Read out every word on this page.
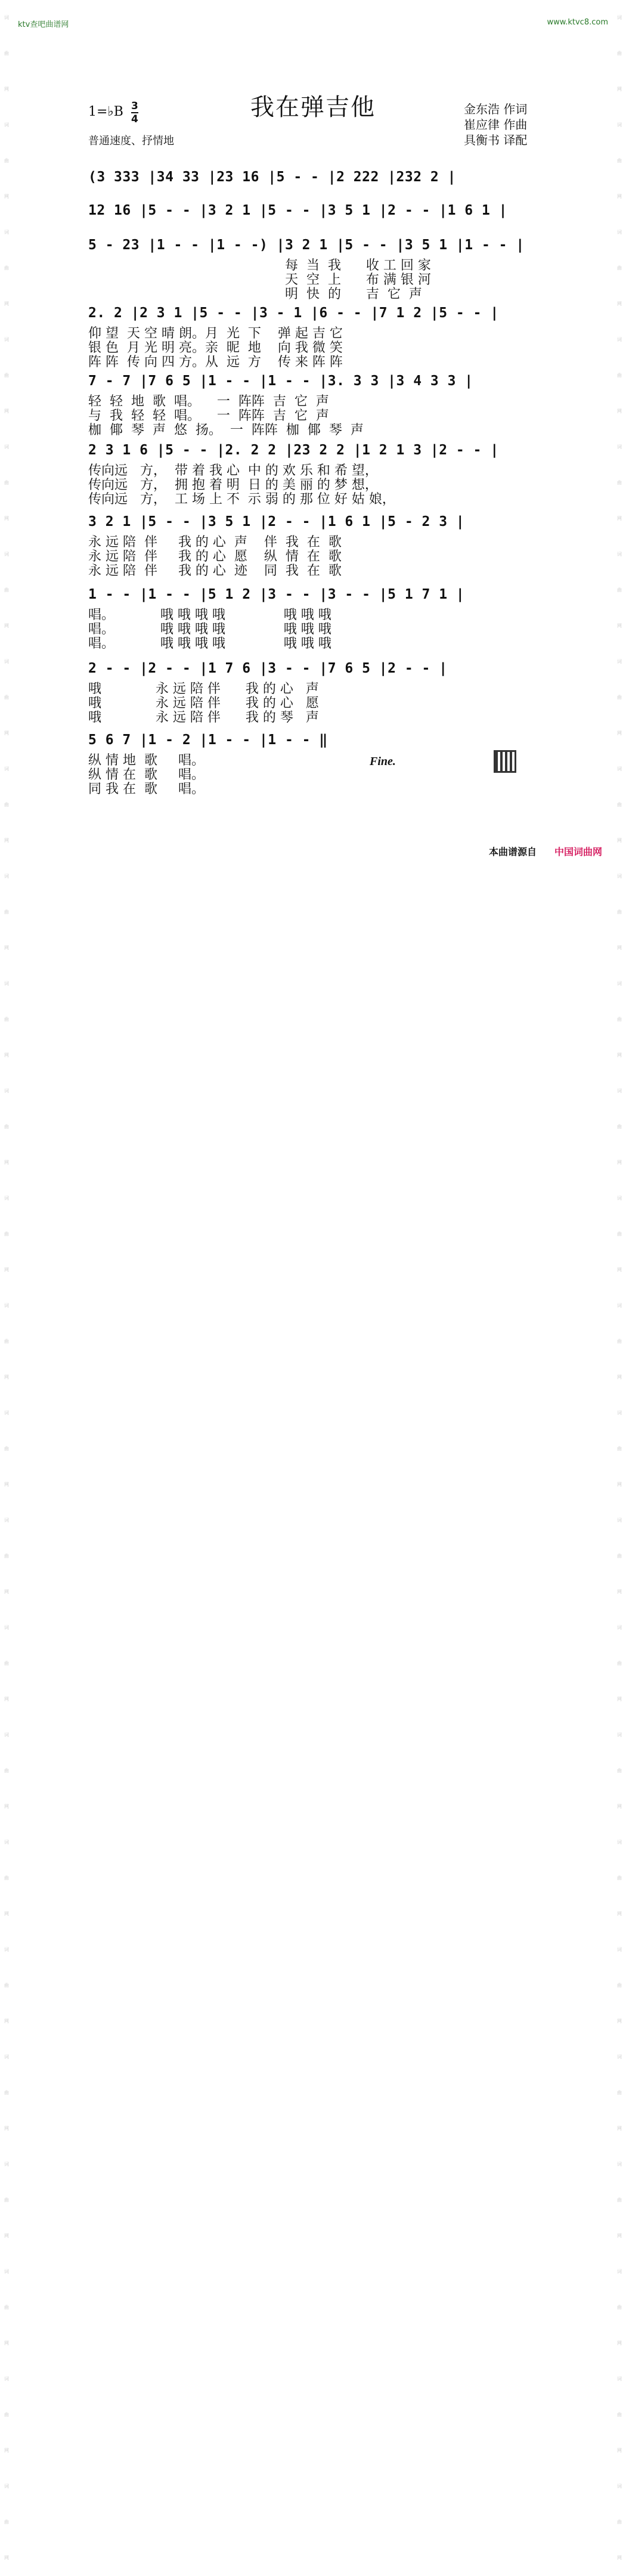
ktv查吧曲谱网	www.ktvc8.com
词曲网
词曲网
词曲网
词曲网
词曲网
词曲网
词曲网
词曲网
词曲网
词曲网
词曲网
词曲网
词曲网
词曲网
词曲网
词曲网
词曲网
词曲网
词曲网
词曲网
词曲网
词曲网
词曲网
词曲网
词曲网
词曲网
词曲网
词曲网
词曲网
词曲网
词曲网
词曲网
词曲网
词曲网
词曲网
词曲网
词曲网
词曲网
词曲网
词曲网
词曲网
词曲网
词曲网
词曲网
词曲网
词曲网
词曲网
词曲网
我在弹吉他
1=♭B 3
4
普通速度、抒情地
金东浩 作词
崔应律 作曲
具衡书 译配
(3 333 |34 33 |23 16 |5 - - |2 222 |232 2 |
12 16 |5 - - |3 2 1 |5 - - |3 5 1 |2 - - |1 6 1 |
5 - 23 |1 - - |1 - -) |3 2 1 |5 - - |3 5 1 |1 - - |
每  当  我      收 工 回 家
天  空  上      布 满 银 河
明  快  的      吉  它  声
2. 2 |2 3 1 |5 - - |3 - 1 |6 - - |7 1 2 |5 - - |
仰 望  天 空 晴 朗。月  光  下    弹 起 吉 它
银 色  月 光 明 亮。亲  昵  地    向 我 微 笑
阵 阵  传 向 四 方。从  远  方    传 来 阵 阵
7 - 7 |7 6 5 |1 - - |1 - - |3. 3 3 |3 4 3 3 |
轻  轻  地  歌  唱。    一  阵阵  吉  它  声
与  我  轻  轻  唱。    一  阵阵  吉  它  声
枷  倻  琴  声  悠  扬。  一  阵阵  枷  倻  琴  声
2 3 1 6 |5 - - |2. 2 2 |23 2 2 |1 2 1 3 |2 - - |
传向远   方，  带 着 我 心  中 的 欢 乐 和 希 望，
传向远   方，  拥 抱 着 明  日 的 美 丽 的 梦 想，
传向远   方，  工 场 上 不  示 弱 的 那 位 好 姑 娘，
3 2 1 |5 - - |3 5 1 |2 - - |1 6 1 |5 - 2 3 |
永 远 陪  伴     我 的 心  声    伴  我  在  歌
永 远 陪  伴     我 的 心  愿    纵  情  在  歌
永 远 陪  伴     我 的 心  迹    同  我  在  歌
1 - - |1 - - |5 1 2 |3 - - |3 - - |5 1 7 1 |
唱。           哦 哦 哦 哦              哦 哦 哦
唱。           哦 哦 哦 哦              哦 哦 哦
唱。           哦 哦 哦 哦              哦 哦 哦
2 - - |2 - - |1 7 6 |3 - - |7 6 5 |2 - - |
哦             永 远 陪 伴      我 的 心   声
哦             永 远 陪 伴      我 的 心   愿
哦             永 远 陪 伴      我 的 琴   声
5 6 7 |1 - 2 |1 - - |1 - - ‖
纵 情 地  歌     唱。
纵 情 在  歌     唱。
同 我 在  歌     唱。
Fine.
本曲谱源自 中国词曲网
